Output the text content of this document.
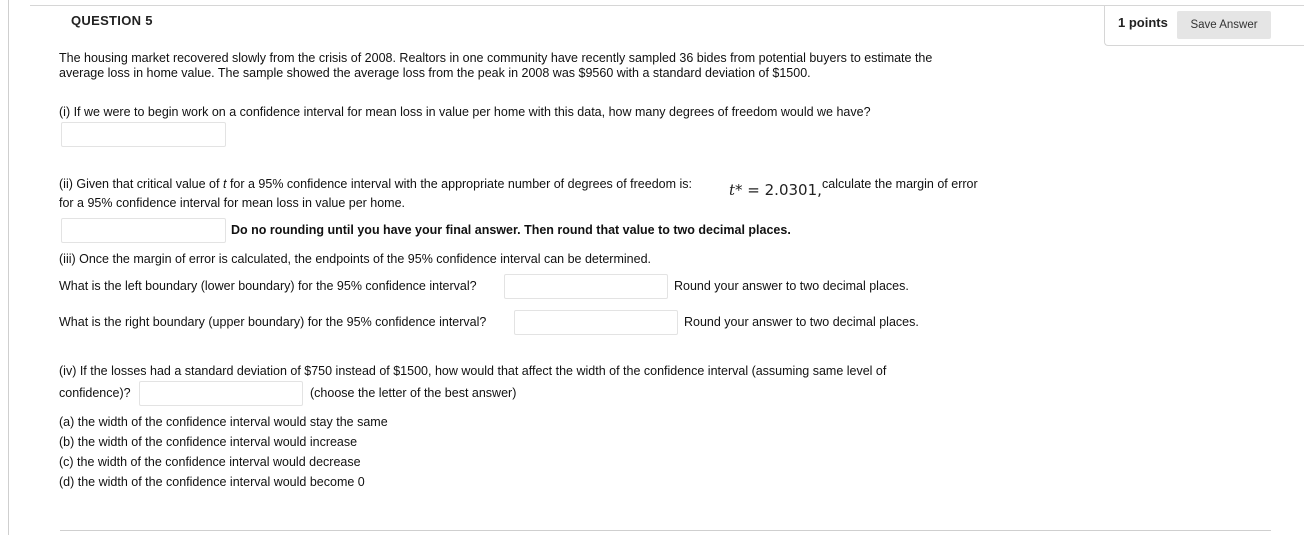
QUESTION 5	1 points	Save Answer
The housing market recovered slowly from the crisis of 2008. Realtors in one community have recently sampled 36 bides from potential buyers to estimate the
average loss in home value. The sample showed the average loss from the peak in 2008 was $9560 with a standard deviation of $1500.
(i) If we were to begin work on a confidence interval for mean loss in value per home with this data, how many degrees of freedom would we have?
(ii) Given that critical value of t for a 95% confidence interval with the appropriate number of degrees of freedom is: t* = 2.0301, calculate the margin of error
for a 95% confidence interval for mean loss in value per home.
Do no rounding until you have your final answer. Then round that value to two decimal places.
(iii) Once the margin of error is calculated, the endpoints of the 95% confidence interval can be determined.
What is the left boundary (lower boundary) for the 95% confidence interval?	Round your answer to two decimal places.
What is the right boundary (upper boundary) for the 95% confidence interval?	Round your answer to two decimal places.
(iv) If the losses had a standard deviation of $750 instead of $1500, how would that affect the width of the confidence interval (assuming same level of
confidence)?	(choose the letter of the best answer)
(a) the width of the confidence interval would stay the same
(b) the width of the confidence interval would increase
(c) the width of the confidence interval would decrease
(d) the width of the confidence interval would become 0
